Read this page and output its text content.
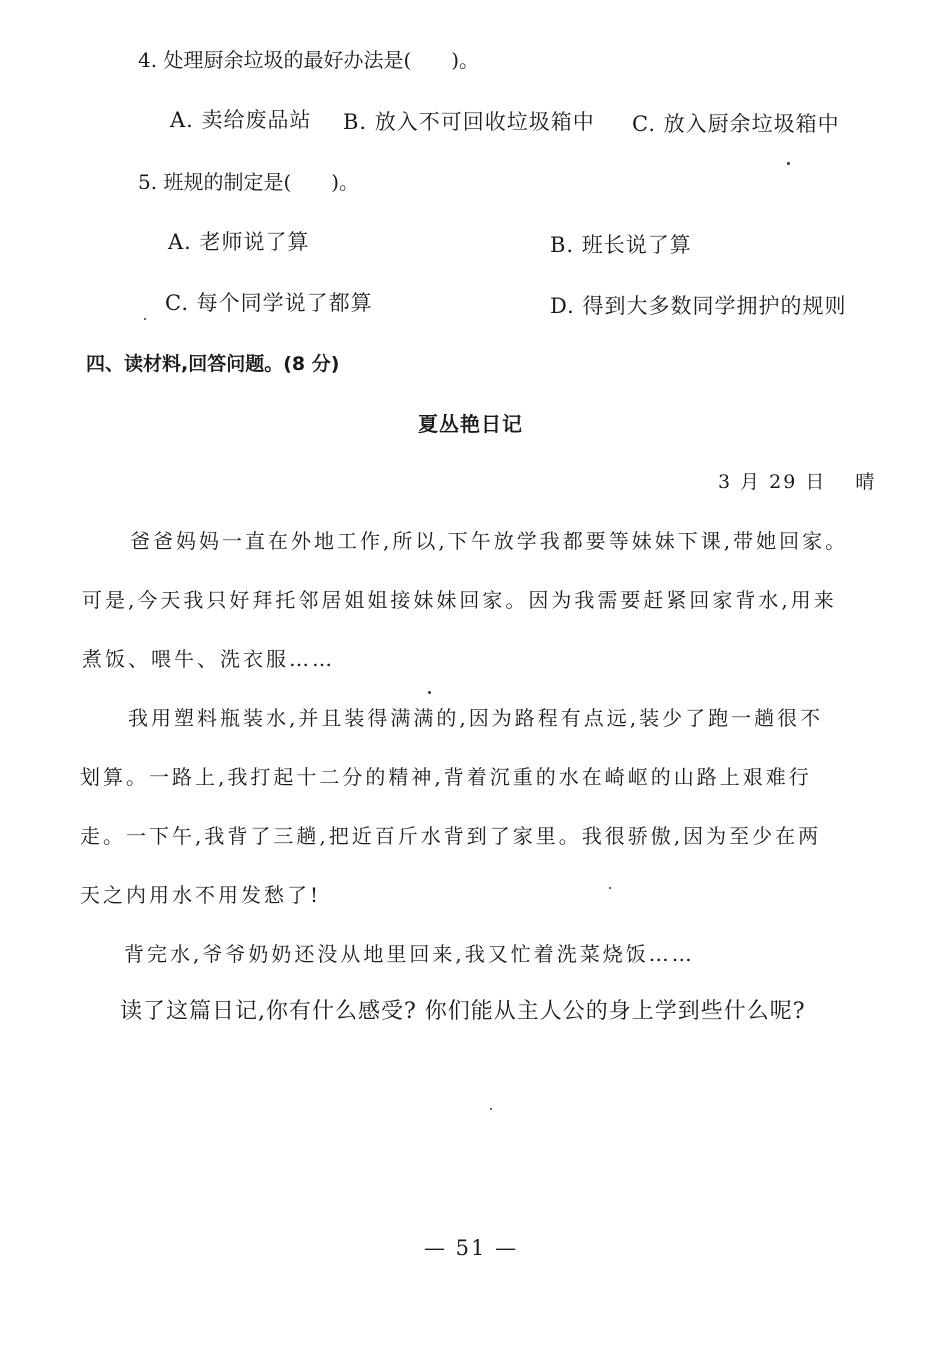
4. 处理厨余垃圾的最好办法是(　　)。
A. 卖给废品站 B. 放入不可回收垃圾箱中 C. 放入厨余垃圾箱中
5. 班规的制定是(　　)。
A. 老师说了算	B. 班长说了算
C. 每个同学说了都算	D. 得到大多数同学拥护的规则
四、读材料,回答问题。(8 分)
夏丛艳日记
3 月 29 日　 晴
爸爸妈妈一直在外地工作,所以,下午放学我都要等妹妹下课,带她回家。
可是,今天我只好拜托邻居姐姐接妹妹回家。因为我需要赶紧回家背水,用来
煮饭、喂牛、洗衣服……
我用塑料瓶装水,并且装得满满的,因为路程有点远,装少了跑一趟很不
划算。一路上,我打起十二分的精神,背着沉重的水在崎岖的山路上艰难行
走。一下午,我背了三趟,把近百斤水背到了家里。我很骄傲,因为至少在两
天之内用水不用发愁了!
背完水,爷爷奶奶还没从地里回来,我又忙着洗菜烧饭……
读了这篇日记,你有什么感受? 你们能从主人公的身上学到些什么呢?
— 51 —
